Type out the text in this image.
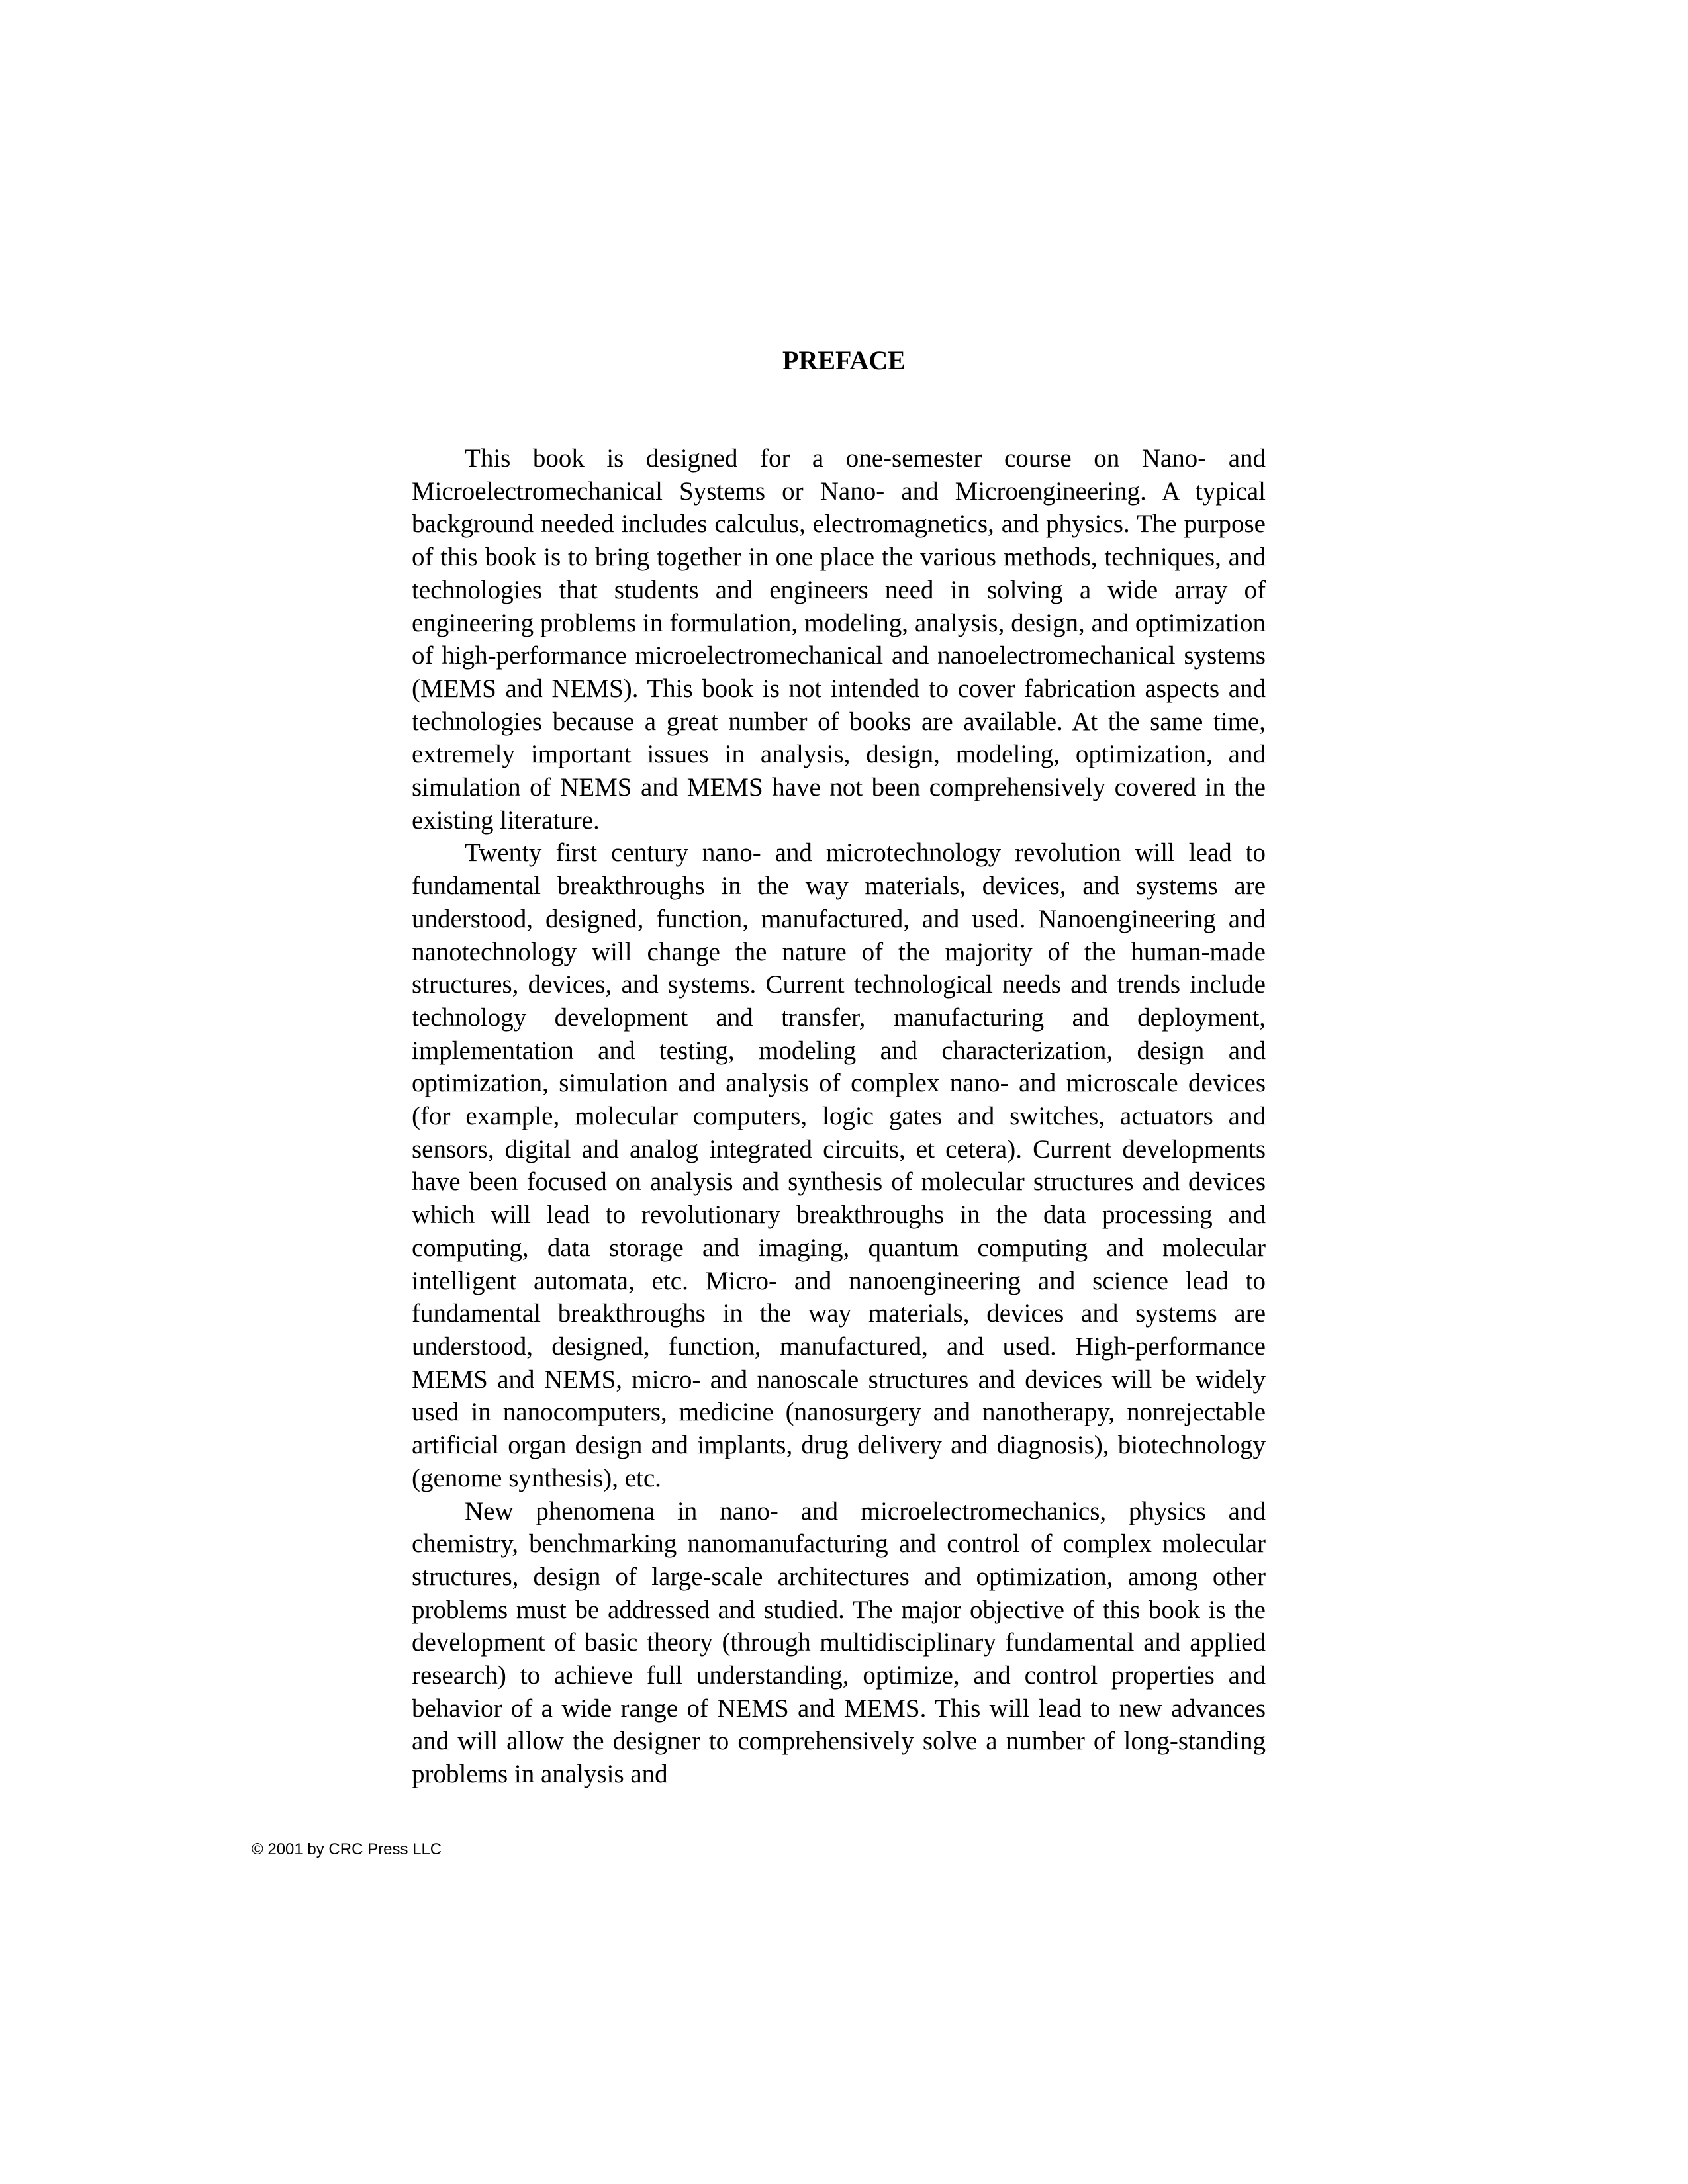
PREFACE

This book is designed for a one-semester course on Nano- and Microelectromechanical Systems or Nano- and Microengineering. A typical background needed includes calculus, electromagnetics, and physics. The purpose of this book is to bring together in one place the various methods, techniques, and technologies that students and engineers need in solving a wide array of engineering problems in formulation, modeling, analysis, design, and optimization of high-performance microelectromechanical and nanoelectromechanical systems (MEMS and NEMS). This book is not intended to cover fabrication aspects and technologies because a great number of books are available. At the same time, extremely important issues in analysis, design, modeling, optimization, and simulation of NEMS and MEMS have not been comprehensively covered in the existing literature.

Twenty first century nano- and microtechnology revolution will lead to fundamental breakthroughs in the way materials, devices, and systems are understood, designed, function, manufactured, and used. Nanoengineering and nanotechnology will change the nature of the majority of the human-made structures, devices, and systems. Current technological needs and trends include technology development and transfer, manufacturing and deployment, implementation and testing, modeling and characterization, design and optimization, simulation and analysis of complex nano- and microscale devices (for example, molecular computers, logic gates and switches, actuators and sensors, digital and analog integrated circuits, et cetera). Current developments have been focused on analysis and synthesis of molecular structures and devices which will lead to revolutionary breakthroughs in the data processing and computing, data storage and imaging, quantum computing and molecular intelligent automata, etc. Micro- and nanoengineering and science lead to fundamental breakthroughs in the way materials, devices and systems are understood, designed, function, manufactured, and used. High-performance MEMS and NEMS, micro- and nanoscale structures and devices will be widely used in nanocomputers, medicine (nanosurgery and nanotherapy, nonrejectable artificial organ design and implants, drug delivery and diagnosis), biotechnology (genome synthesis), etc.

New phenomena in nano- and microelectromechanics, physics and chemistry, benchmarking nanomanufacturing and control of complex molecular structures, design of large-scale architectures and optimization, among other problems must be addressed and studied. The major objective of this book is the development of basic theory (through multidisciplinary fundamental and applied research) to achieve full understanding, optimize, and control properties and behavior of a wide range of NEMS and MEMS. This will lead to new advances and will allow the designer to comprehensively solve a number of long-standing problems in analysis and

© 2001 by CRC Press LLC
